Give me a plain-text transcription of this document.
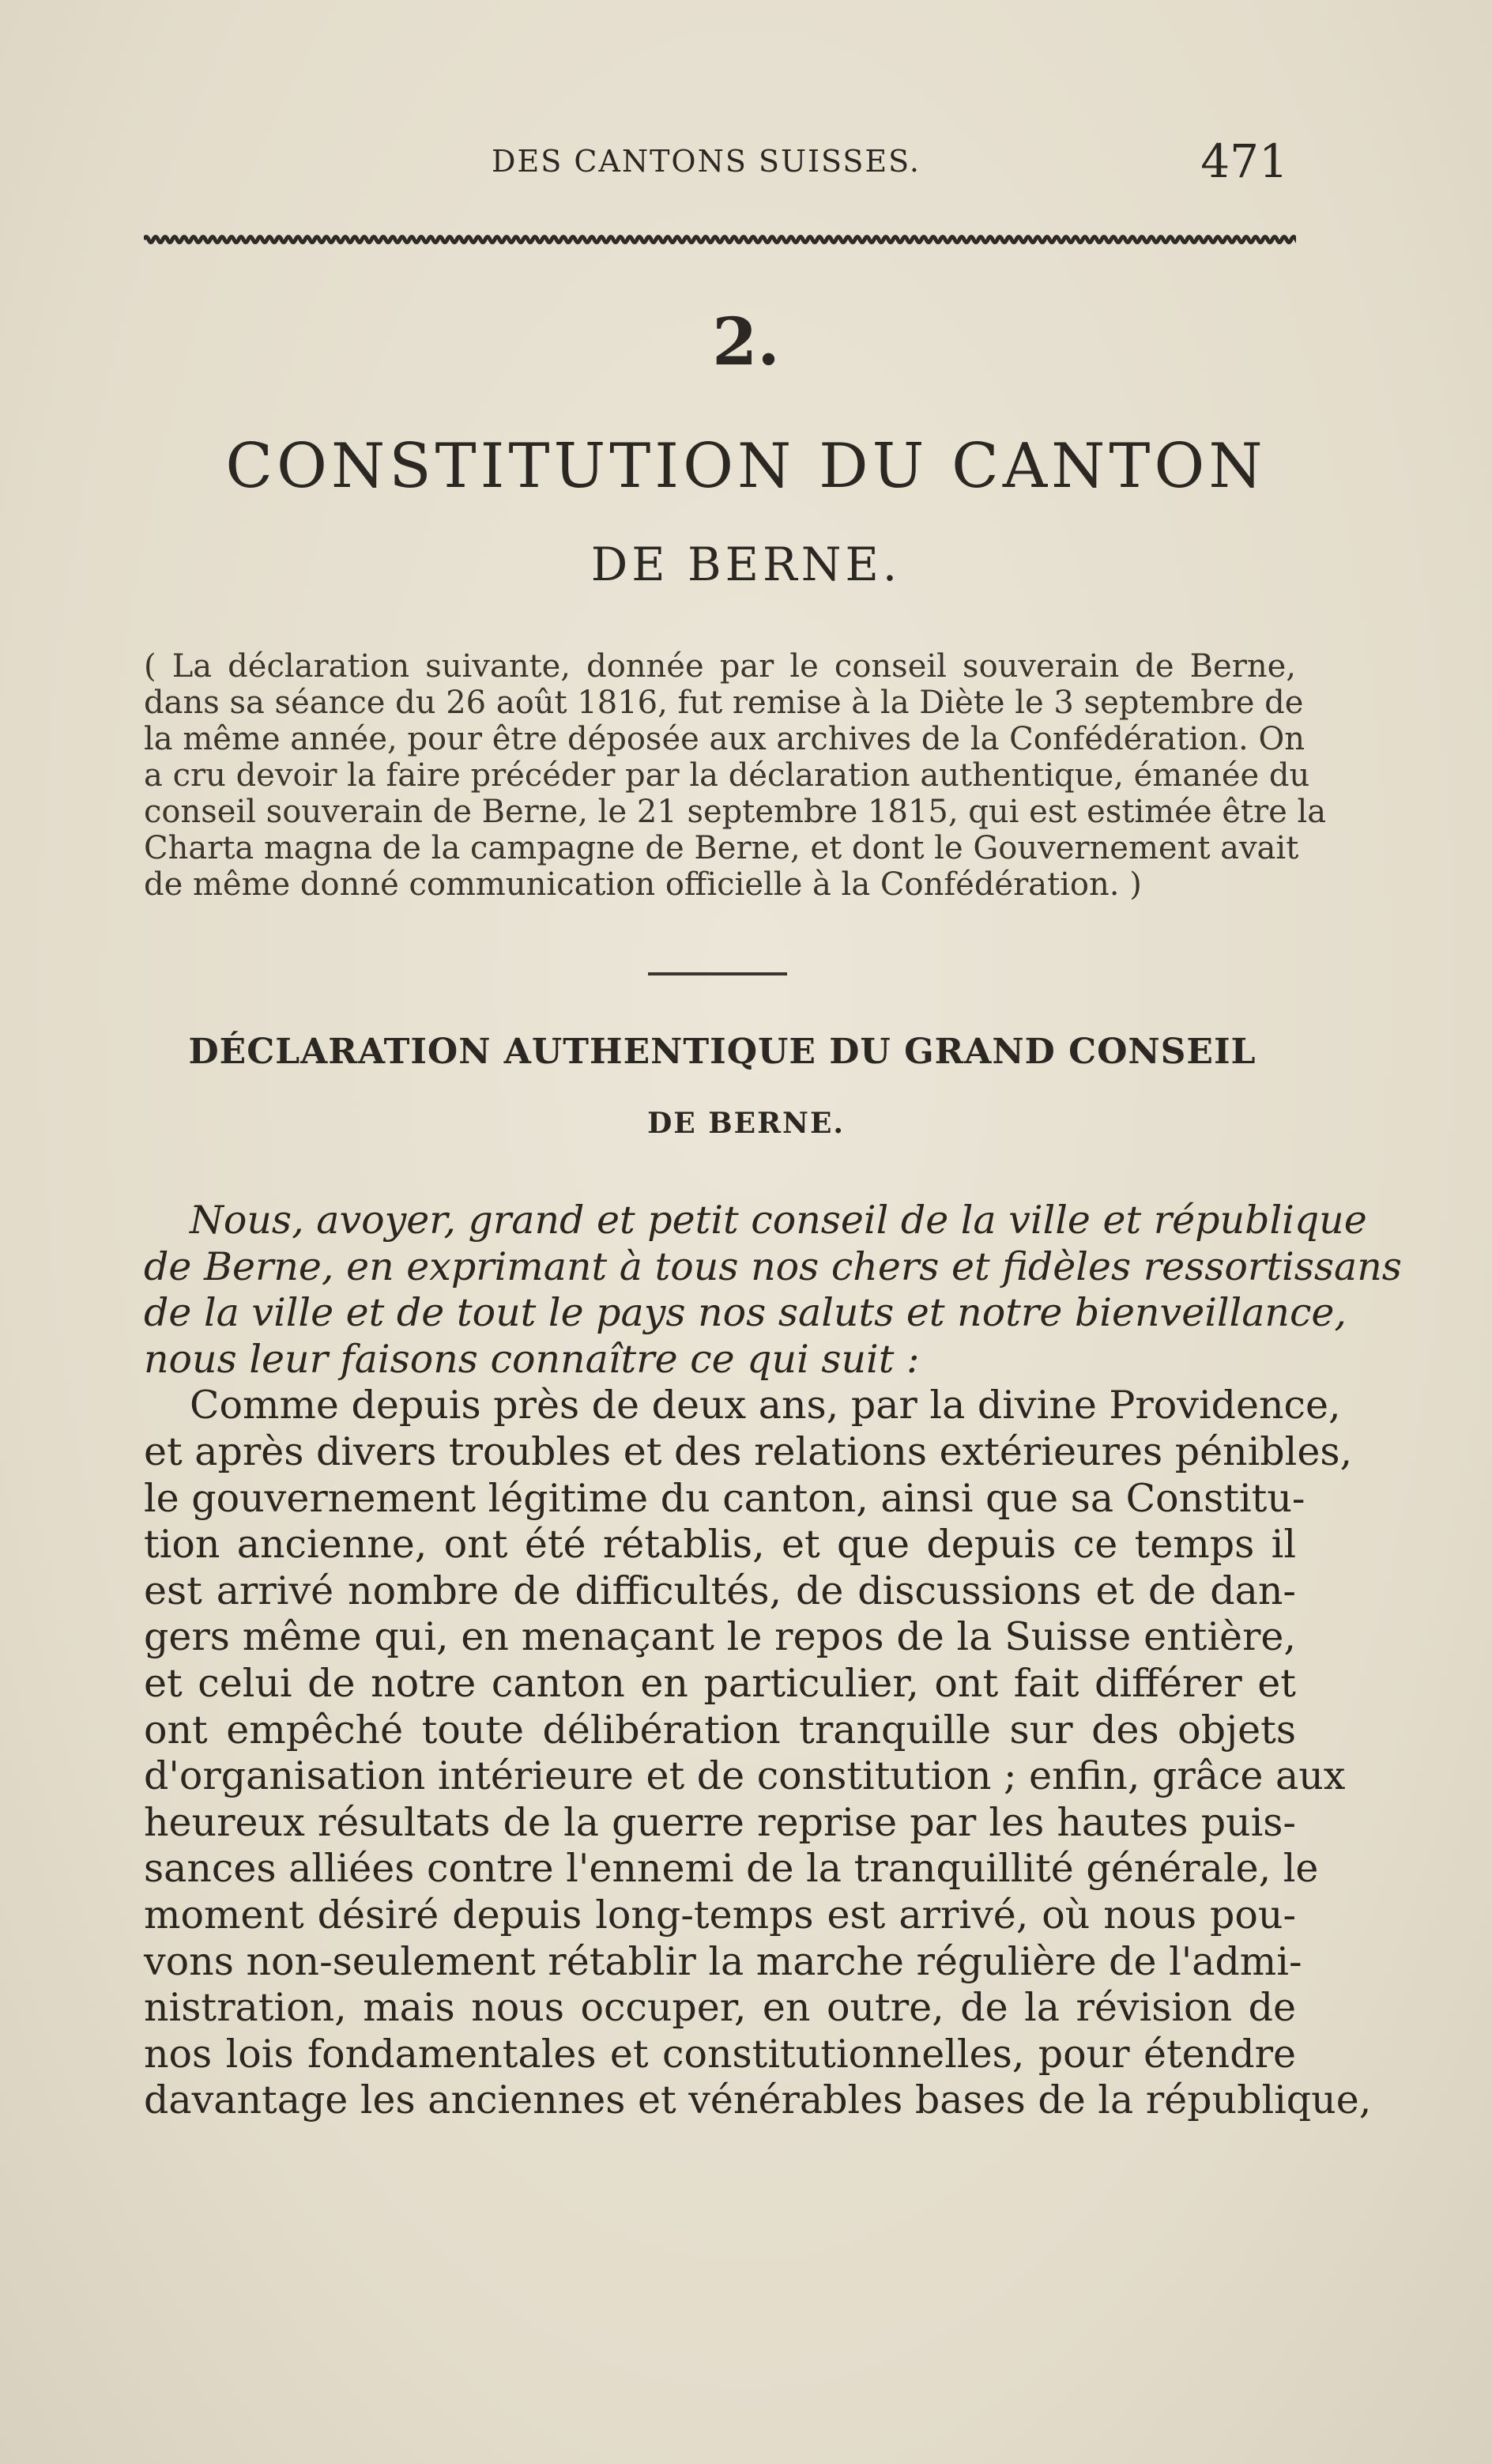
DES CANTONS SUISSES.	471
2.
CONSTITUTION DU CANTON
DE BERNE.
( La déclaration suivante, donnée par le conseil souverain de Berne,
dans sa séance du 26 août 1816, fut remise à la Diète le 3 septembre de
la même année, pour être déposée aux archives de la Confédération. On
a cru devoir la faire précéder par la déclaration authentique, émanée du
conseil souverain de Berne, le 21 septembre 1815, qui est estimée être la
Charta magna de la campagne de Berne, et dont le Gouvernement avait
de même donné communication officielle à la Confédération. )
DÉCLARATION AUTHENTIQUE DU GRAND CONSEIL
DE BERNE.
Nous, avoyer, grand et petit conseil de la ville et république
de Berne, en exprimant à tous nos chers et fidèles ressortissans
de la ville et de tout le pays nos saluts et notre bienveillance,
nous leur faisons connaître ce qui suit :
Comme depuis près de deux ans, par la divine Providence,
et après divers troubles et des relations extérieures pénibles,
le gouvernement légitime du canton, ainsi que sa Constitu-
tion ancienne, ont été rétablis, et que depuis ce temps il
est arrivé nombre de difficultés, de discussions et de dan-
gers même qui, en menaçant le repos de la Suisse entière,
et celui de notre canton en particulier, ont fait différer et
ont empêché toute délibération tranquille sur des objets
d'organisation intérieure et de constitution ; enfin, grâce aux
heureux résultats de la guerre reprise par les hautes puis-
sances alliées contre l'ennemi de la tranquillité générale, le
moment désiré depuis long-temps est arrivé, où nous pou-
vons non-seulement rétablir la marche régulière de l'admi-
nistration, mais nous occuper, en outre, de la révision de
nos lois fondamentales et constitutionnelles, pour étendre
davantage les anciennes et vénérables bases de la république,
